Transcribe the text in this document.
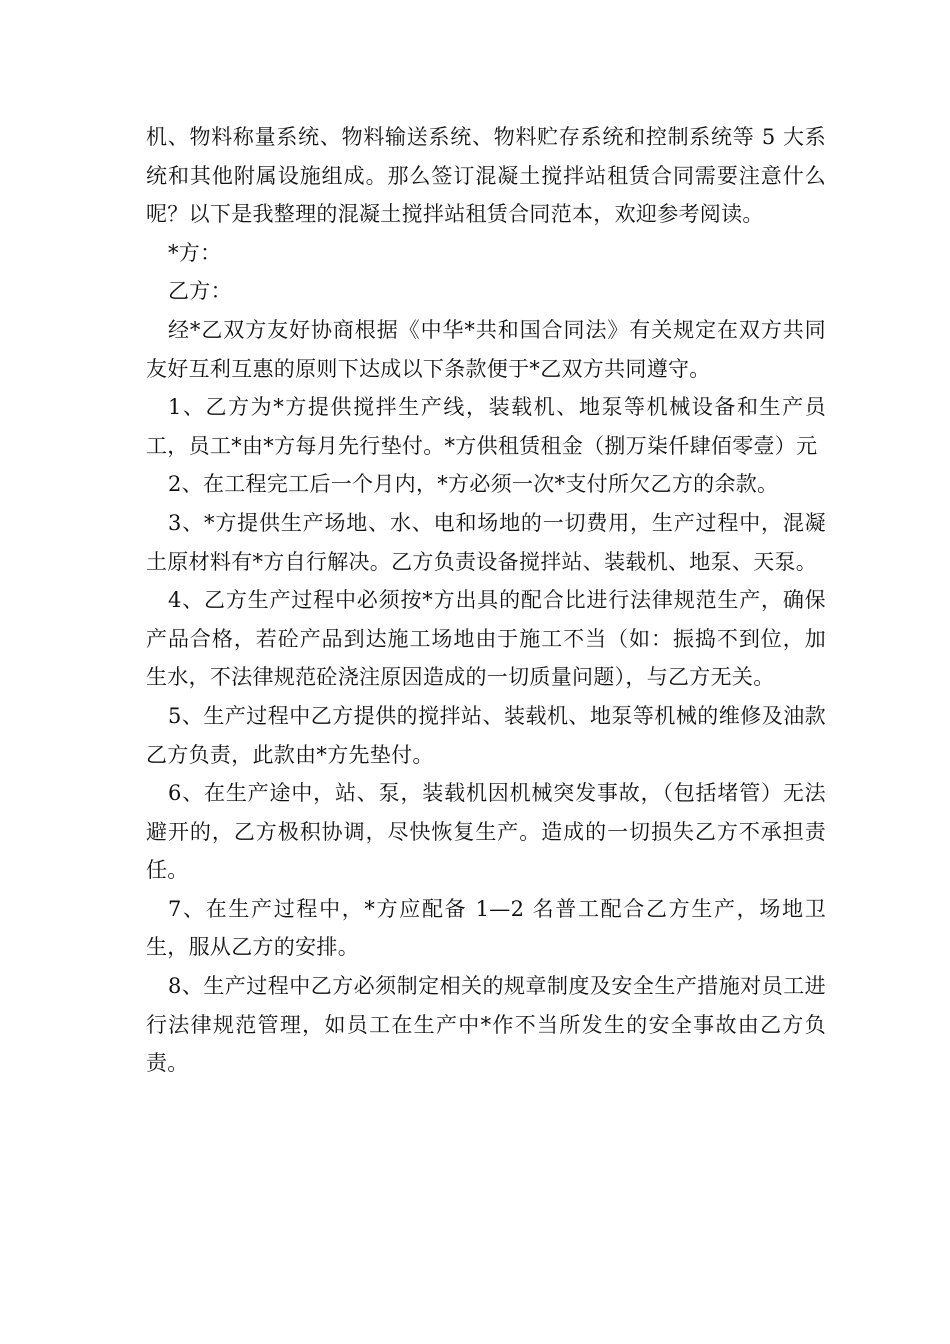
机、物料称量系统、物料输送系统、物料贮存系统和控制系统等 5 大系统和其他附属设施组成。那么签订混凝土搅拌站租赁合同需要注意什么呢？以下是我整理的混凝土搅拌站租赁合同范本，欢迎参考阅读。

*方：

乙方：

经*乙双方友好协商根据《中华*共和国合同法》有关规定在双方共同友好互利互惠的原则下达成以下条款便于*乙双方共同遵守。

1、乙方为*方提供搅拌生产线，装载机、地泵等机械设备和生产员工，员工*由*方每月先行垫付。*方供租赁租金（捌万柒仟肆佰零壹）元

2、在工程完工后一个月内，*方必须一次*支付所欠乙方的余款。

3、*方提供生产场地、水、电和场地的一切费用，生产过程中，混凝土原材料有*方自行解决。乙方负责设备搅拌站、装载机、地泵、天泵。

4、乙方生产过程中必须按*方出具的配合比进行法律规范生产，确保产品合格，若砼产品到达施工场地由于施工不当（如：振捣不到位，加生水，不法律规范砼浇注原因造成的一切质量问题），与乙方无关。

5、生产过程中乙方提供的搅拌站、装载机、地泵等机械的维修及油款乙方负责，此款由*方先垫付。

6、在生产途中，站、泵，装载机因机械突发事故，（包括堵管）无法避开的，乙方极积协调，尽快恢复生产。造成的一切损失乙方不承担责任。

7、在生产过程中，*方应配备 1—2 名普工配合乙方生产，场地卫生，服从乙方的安排。

8、生产过程中乙方必须制定相关的规章制度及安全生产措施对员工进行法律规范管理，如员工在生产中*作不当所发生的安全事故由乙方负责。
